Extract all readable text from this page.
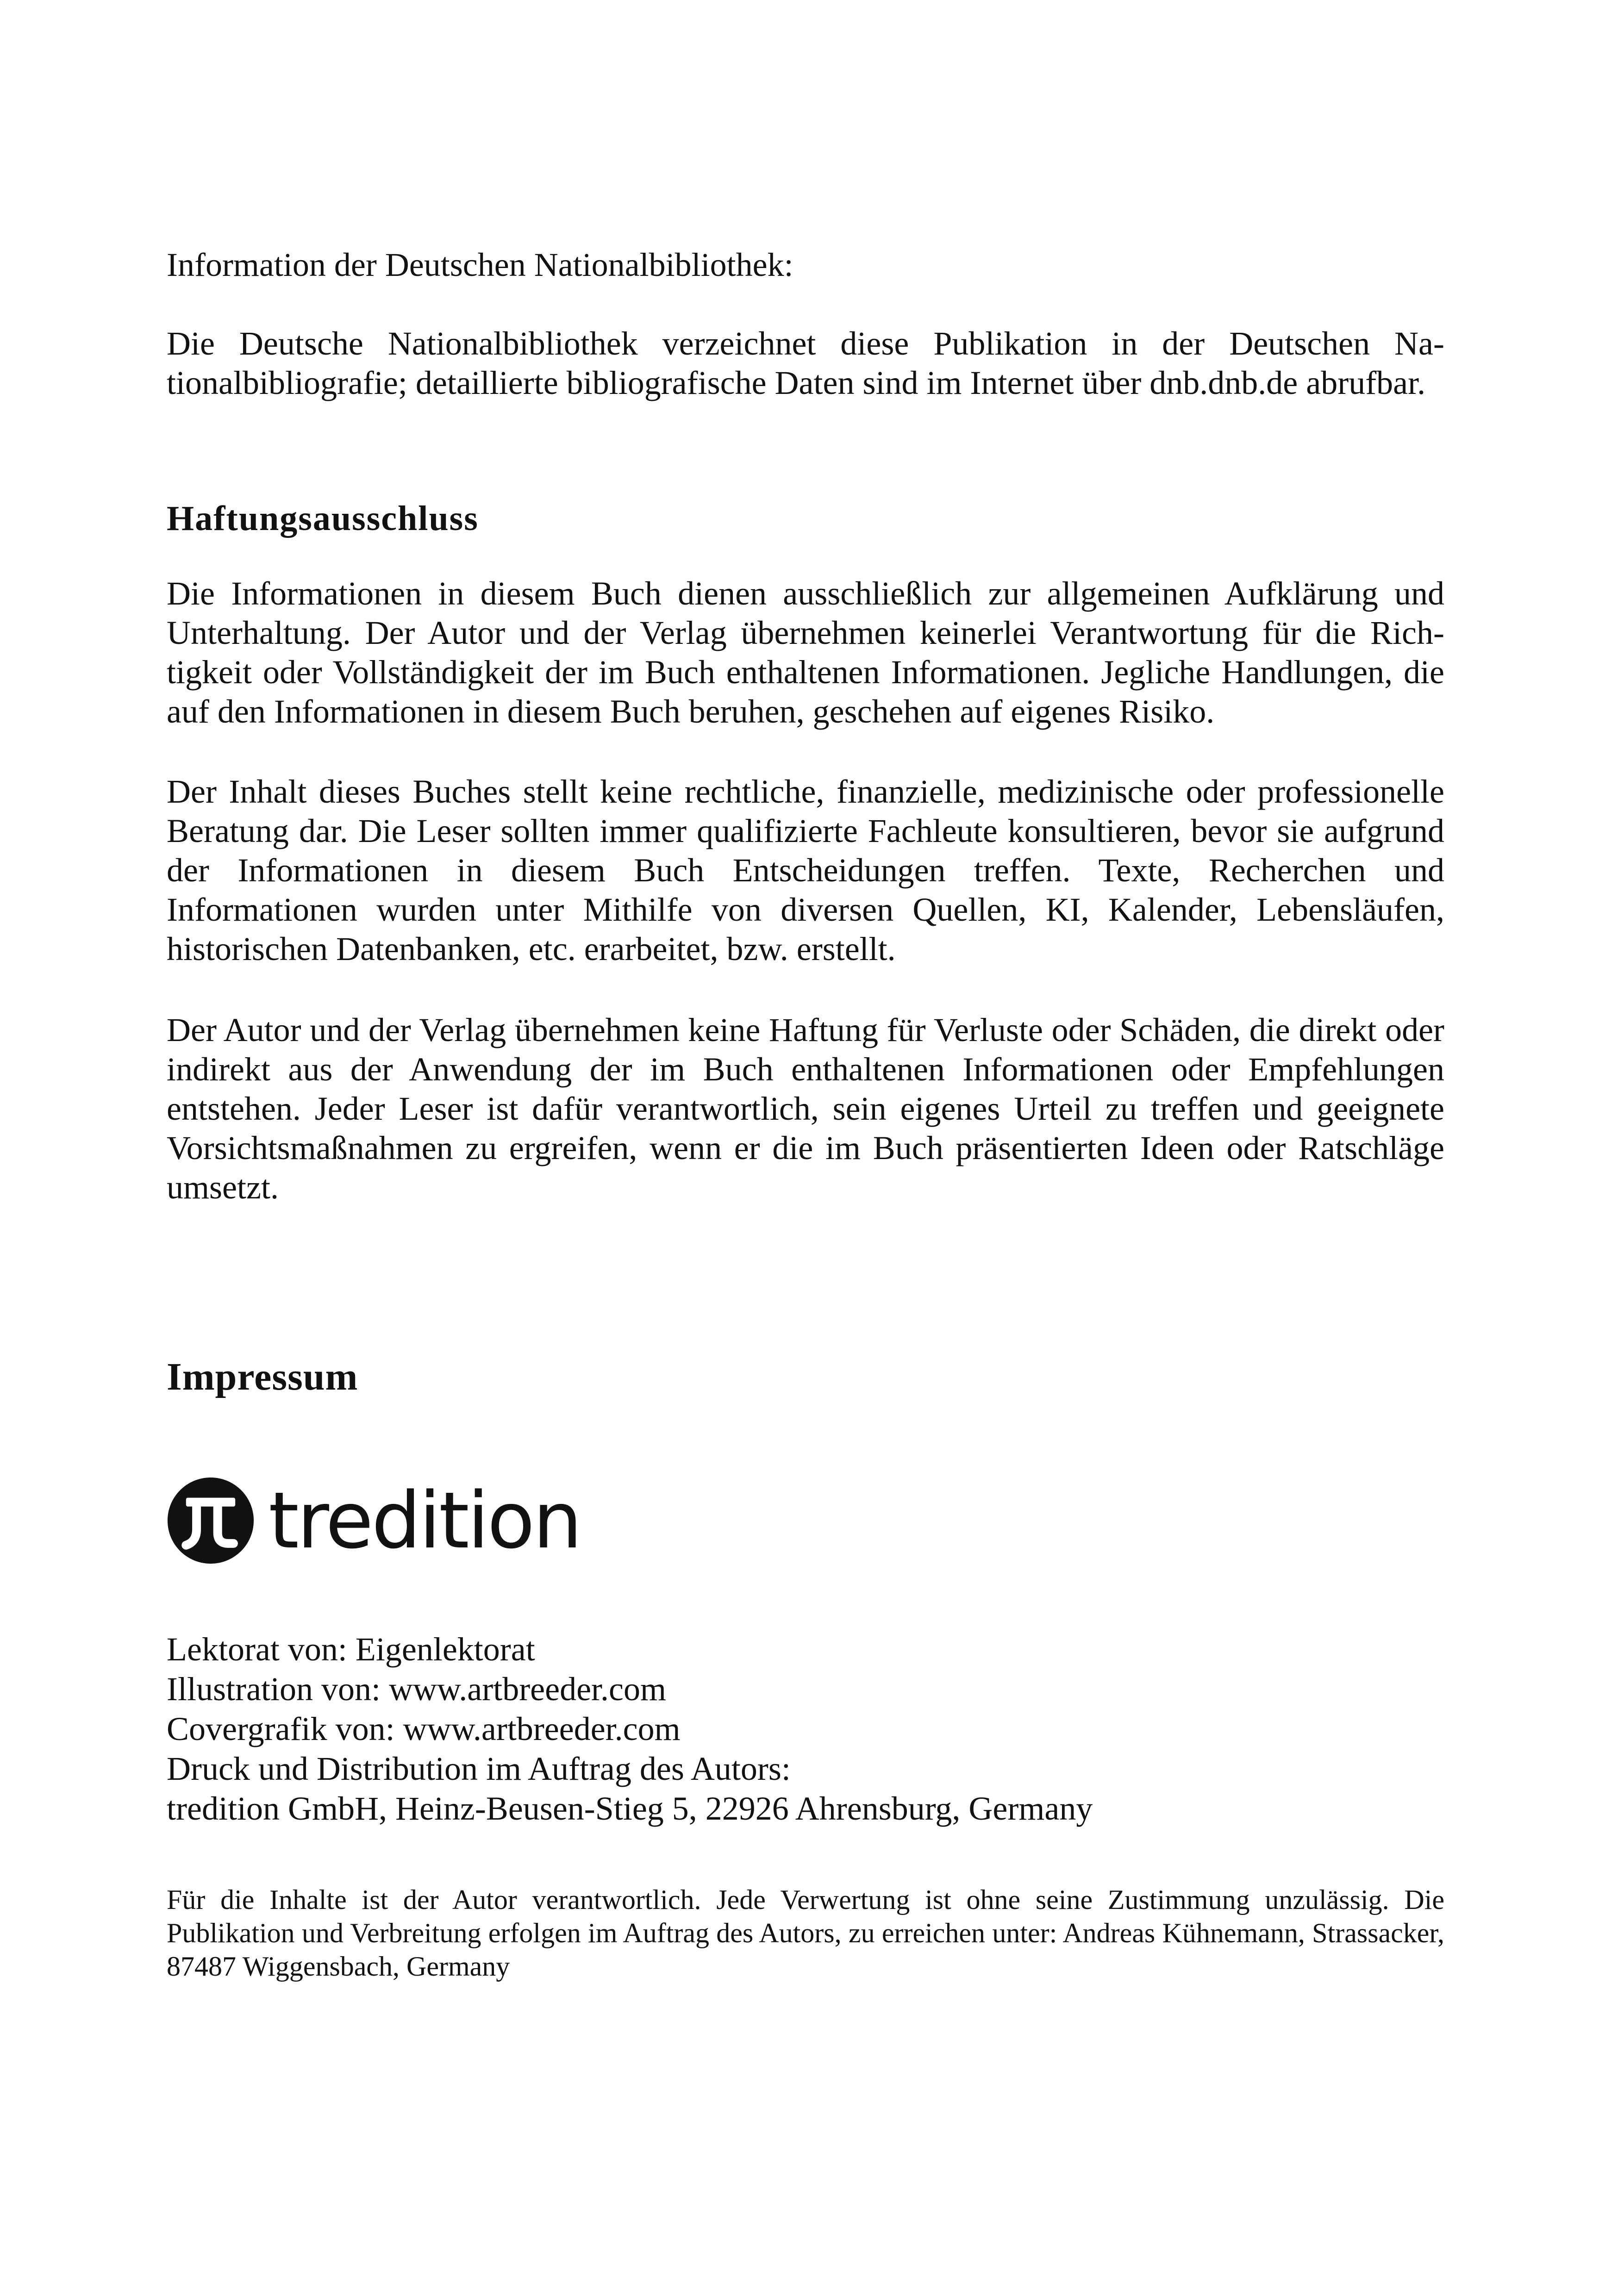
Information der Deutschen Nationalbibliothek:

Die Deutsche Nationalbibliothek verzeichnet diese Publikation in der Deutschen Nationalbibliografie; detaillierte bibliografische Daten sind im Internet über dnb.dnb.de abrufbar.

Haftungsausschluss

Die Informationen in diesem Buch dienen ausschließlich zur allgemeinen Aufklärung und Unterhaltung. Der Autor und der Verlag übernehmen keinerlei Verantwortung für die Richtigkeit oder Vollständigkeit der im Buch enthaltenen Informationen. Jegliche Handlungen, die auf den Informationen in diesem Buch beruhen, geschehen auf eigenes Risiko.

Der Inhalt dieses Buches stellt keine rechtliche, finanzielle, medizinische oder professionelle Beratung dar. Die Leser sollten immer qualifizierte Fachleute konsultieren, bevor sie aufgrund der Informationen in diesem Buch Entscheidungen treffen. Texte, Recherchen und Informationen wurden unter Mithilfe von diversen Quellen, KI, Kalender, Lebensläufen, historischen Datenbanken, etc. erarbeitet, bzw. erstellt.

Der Autor und der Verlag übernehmen keine Haftung für Verluste oder Schäden, die direkt oder indirekt aus der Anwendung der im Buch enthaltenen Informationen oder Empfehlungen entstehen. Jeder Leser ist dafür verantwortlich, sein eigenes Urteil zu treffen und geeignete Vorsichtsmaßnahmen zu ergreifen, wenn er die im Buch präsentierten Ideen oder Ratschläge umsetzt.

Impressum
tredition

Lektorat von: Eigenlektorat

Illustration von: www.artbreeder.com

Covergrafik von: www.artbreeder.com

Druck und Distribution im Auftrag des Autors:

tredition GmbH, Heinz-Beusen-Stieg 5, 22926 Ahrensburg, Germany

Für die Inhalte ist der Autor verantwortlich. Jede Verwertung ist ohne seine Zustimmung unzulässig. Die Publikation und Verbreitung erfolgen im Auftrag des Autors, zu erreichen unter: Andreas Kühnemann, Strassacker, 87487 Wiggensbach, Germany
